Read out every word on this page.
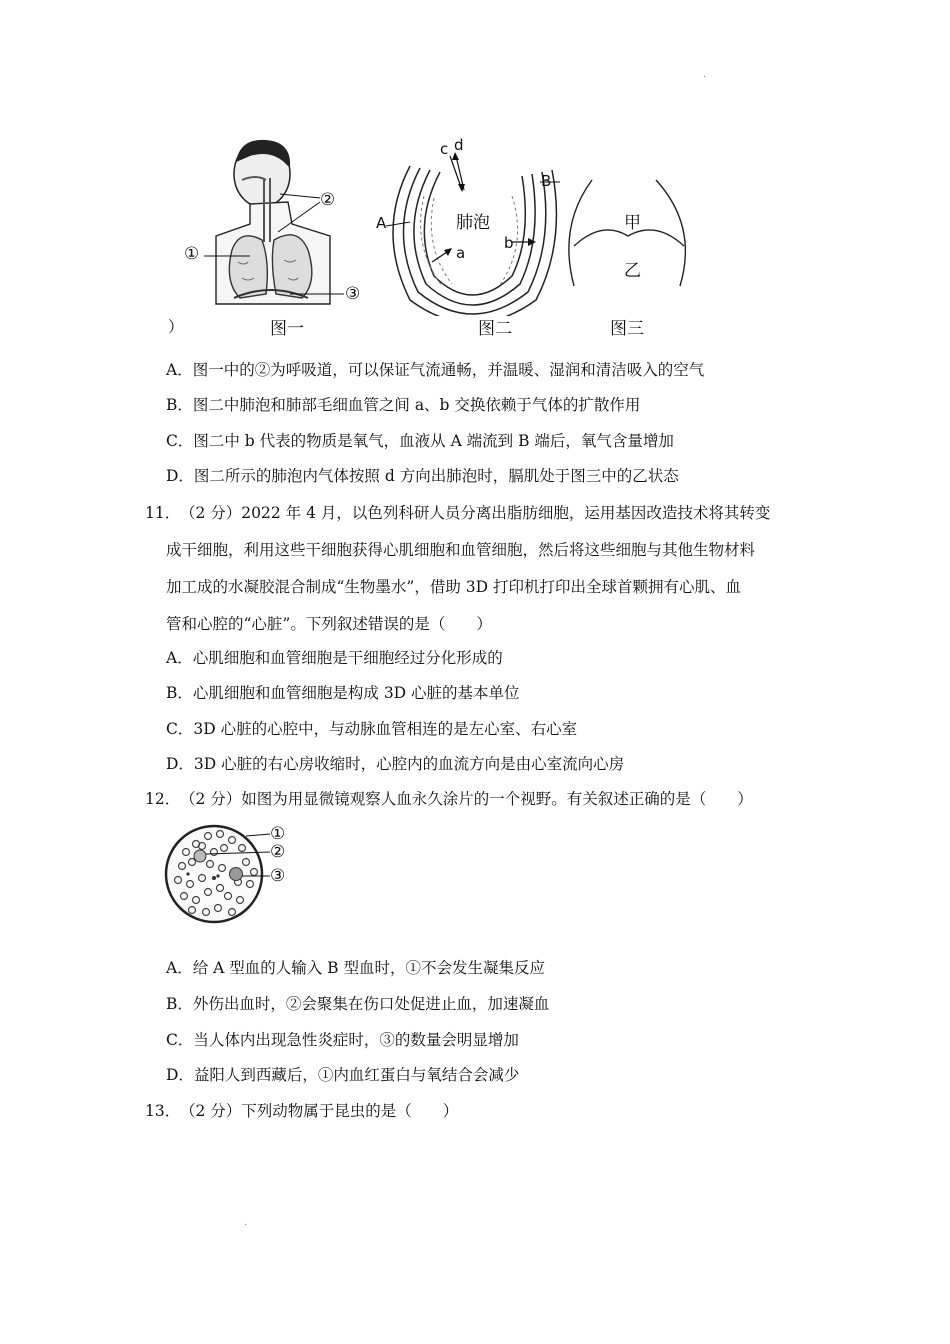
·
·
①
②
③
图一
肺泡
A
B
a
b
c d
图二
甲
乙
图三
）
A．图一中的②为呼吸道，可以保证气流通畅，并温暖、湿润和清洁吸入的空气
B．图二中肺泡和肺部毛细血管之间 a、b 交换依赖于气体的扩散作用
C．图二中 b 代表的物质是氧气，血液从 A 端流到 B 端后，氧气含量增加
D．图二所示的肺泡内气体按照 d 方向出肺泡时，膈肌处于图三中的乙状态
11． （2 分）2022 年 4 月，以色列科研人员分离出脂肪细胞，运用基因改造技术将其转变
成干细胞，利用这些干细胞获得心肌细胞和血管细胞，然后将这些细胞与其他生物材料
加工成的水凝胶混合制成“生物墨水”，借助 3D 打印机打印出全球首颗拥有心肌、血
管和心腔的“心脏”。下列叙述错误的是（　　）
A．心肌细胞和血管细胞是干细胞经过分化形成的
B．心肌细胞和血管细胞是构成 3D 心脏的基本单位
C．3D 心脏的心腔中，与动脉血管相连的是左心室、右心室
D．3D 心脏的右心房收缩时，心腔内的血流方向是由心室流向心房
12． （2 分）如图为用显微镜观察人血永久涂片的一个视野。有关叙述正确的是（　　）
①
②
③
A．给 A 型血的人输入 B 型血时，①不会发生凝集反应
B．外伤出血时，②会聚集在伤口处促进止血，加速凝血
C．当人体内出现急性炎症时，③的数量会明显增加
D．益阳人到西藏后，①内血红蛋白与氧结合会减少
13． （2 分）下列动物属于昆虫的是（　　）
